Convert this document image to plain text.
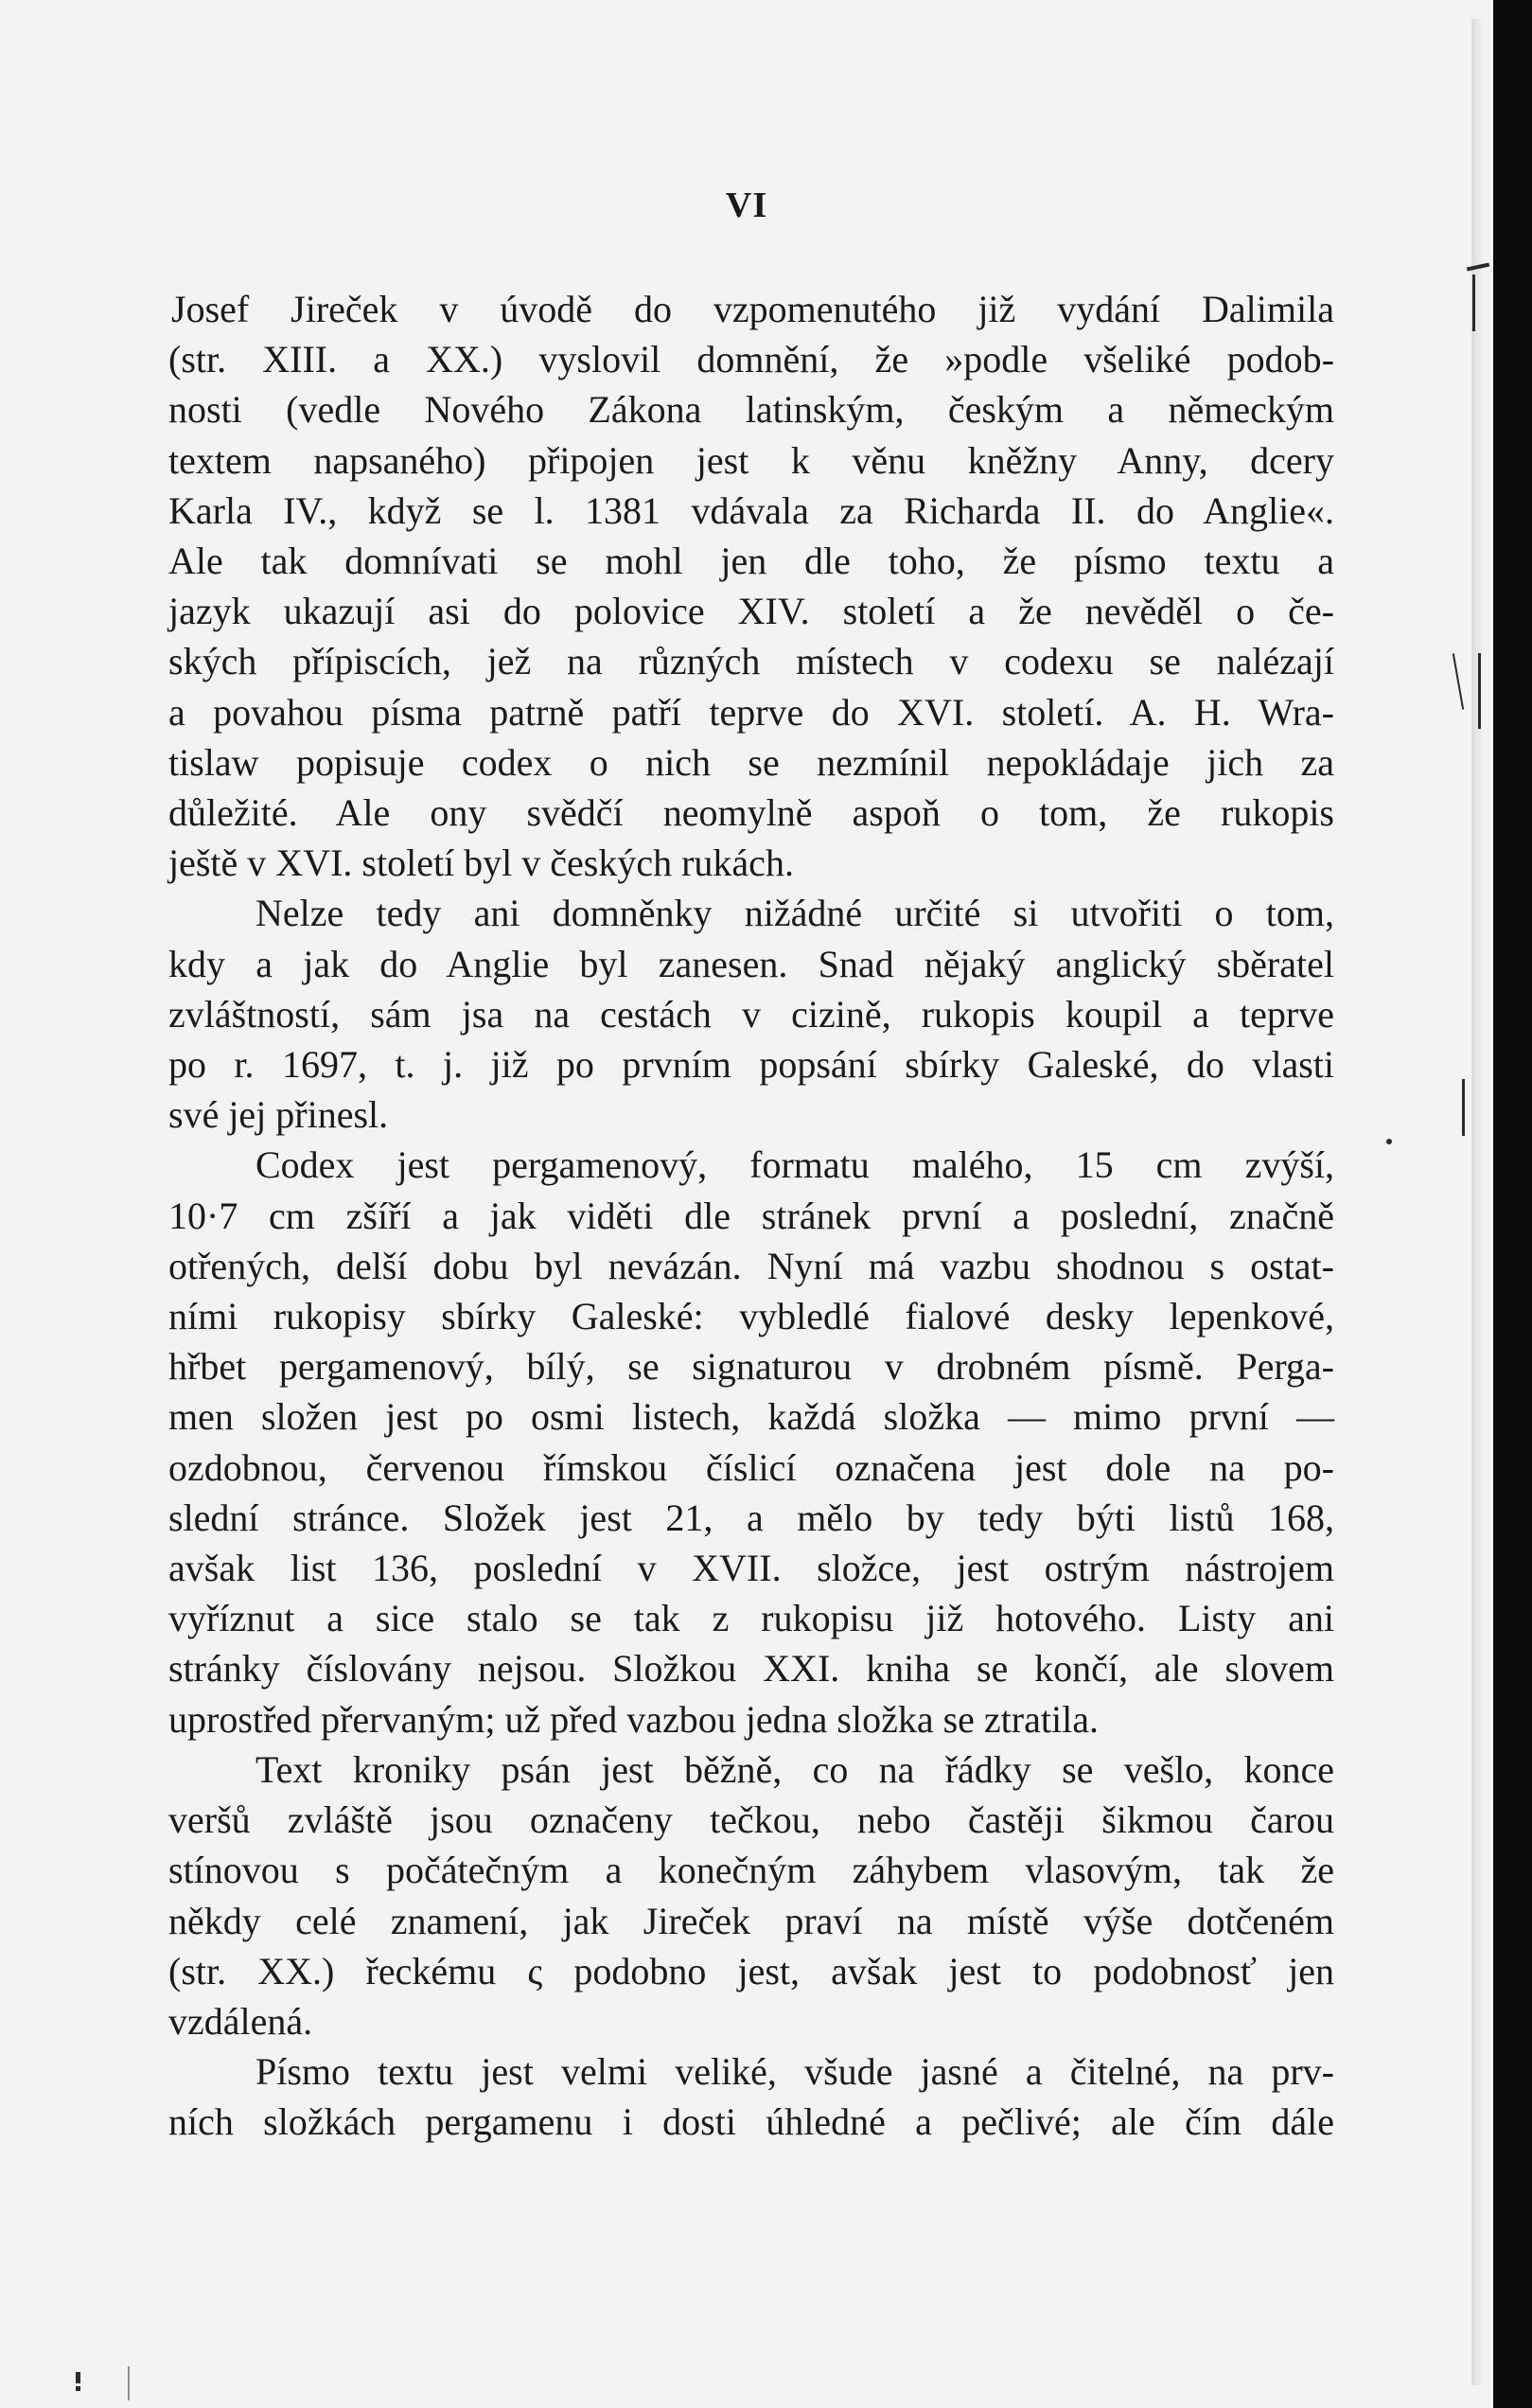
VI

Josef Jireček v úvodě do vzpomenutého již vydání Dalimila

(str. XIII. a XX.) vyslovil domnění, že »podle všeliké podob-

nosti (vedle Nového Zákona latinským, českým a německým

textem napsaného) připojen jest k věnu kněžny Anny, dcery

Karla IV., když se l. 1381 vdávala za Richarda II. do Anglie«.

Ale tak domnívati se mohl jen dle toho, že písmo textu a

jazyk ukazují asi do polovice XIV. století a že nevěděl o če-

ských přípiscích, jež na různých místech v codexu se nalézají

a povahou písma patrně patří teprve do XVI. století. A. H. Wra-

tislaw popisuje codex o nich se nezmínil nepokládaje jich za

důležité. Ale ony svědčí neomylně aspoň o tom, že rukopis

ještě v XVI. století byl v českých rukách.

Nelze tedy ani domněnky nižádné určité si utvořiti o tom,

kdy a jak do Anglie byl zanesen. Snad nějaký anglický sběratel

zvláštností, sám jsa na cestách v cizině, rukopis koupil a teprve

po r. 1697, t. j. již po prvním popsání sbírky Galeské, do vlasti

své jej přinesl.

Codex jest pergamenový, formatu malého, 15 cm zvýší,

10·7 cm zšíří a jak viděti dle stránek první a poslední, značně

otřených, delší dobu byl nevázán. Nyní má vazbu shodnou s ostat-

ními rukopisy sbírky Galeské: vybledlé fialové desky lepenkové,

hřbet pergamenový, bílý, se signaturou v drobném písmě. Perga-

men složen jest po osmi listech, každá složka — mimo první —

ozdobnou, červenou římskou číslicí označena jest dole na po-

slední stránce. Složek jest 21, a mělo by tedy býti listů 168,

avšak list 136, poslední v XVII. složce, jest ostrým nástrojem

vyříznut a sice stalo se tak z rukopisu již hotového. Listy ani

stránky číslovány nejsou. Složkou XXI. kniha se končí, ale slovem

uprostřed přervaným; už před vazbou jedna složka se ztratila.

Text kroniky psán jest běžně, co na řádky se vešlo, konce

veršů zvláště jsou označeny tečkou, nebo častěji šikmou čarou

stínovou s počátečným a konečným záhybem vlasovým, tak že

někdy celé znamení, jak Jireček praví na místě výše dotčeném

(str. XX.) řeckému ς podobno jest, avšak jest to podobnosť jen

vzdálená.

Písmo textu jest velmi veliké, všude jasné a čitelné, na prv-

ních složkách pergamenu i dosti úhledné a pečlivé; ale čím dále
